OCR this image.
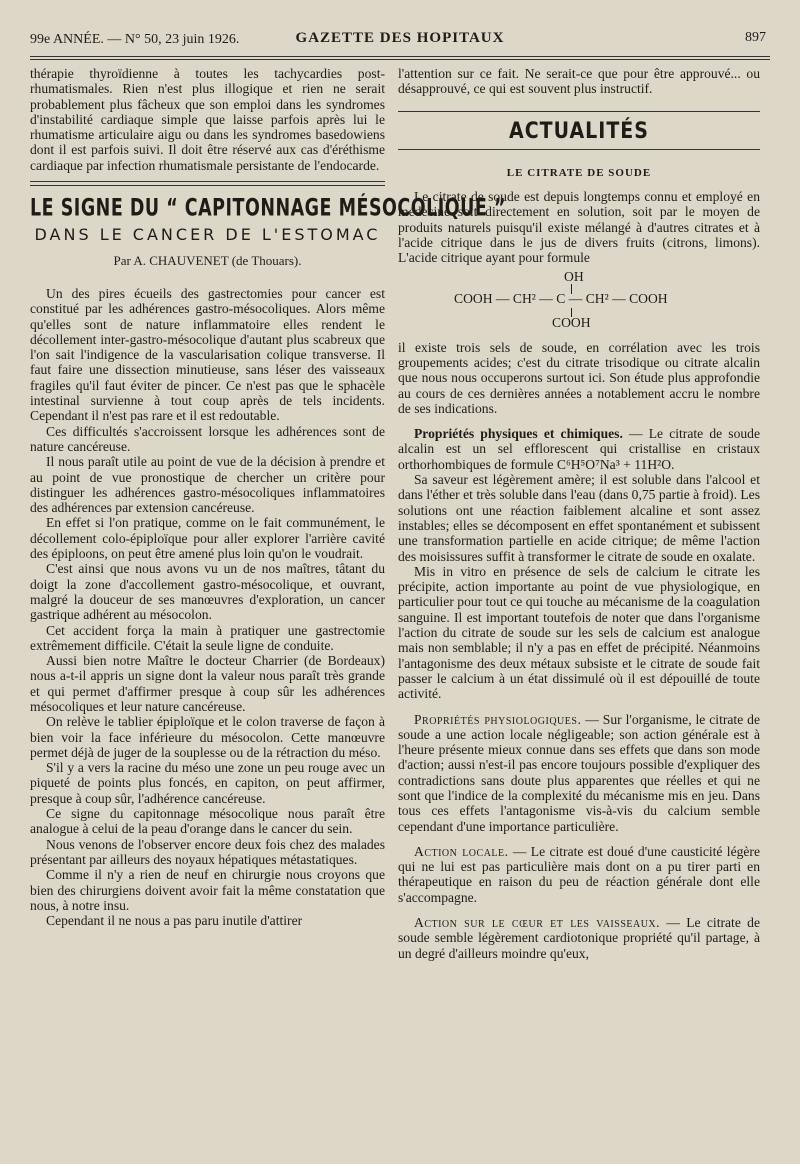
99e ANNÉE. — N° 50, 23 juin 1926.	GAZETTE DES HOPITAUX	897

thérapie thyroïdienne à toutes les tachycardies post-rhumatismales. Rien n'est plus illogique et rien ne serait probablement plus fâcheux que son emploi dans les syndromes d'instabilité cardiaque simple que laisse parfois après lui le rhumatisme articulaire aigu ou dans les syndromes basedowiens dont il est parfois suivi. Il doit être réservé aux cas d'éréthisme cardiaque par infection rhumatismale persistante de l'endocarde.

LE SIGNE DU “ CAPITONNAGE MÉSOCOLIQUE ”
DANS LE CANCER DE L'ESTOMAC
Par A. CHAUVENET (de Thouars).

Un des pires écueils des gastrectomies pour cancer est constitué par les adhérences gastro-mésocoliques. Alors même qu'elles sont de nature inflammatoire elles rendent le décollement inter-gastro-mésocolique d'autant plus scabreux que l'on sait l'indigence de la vascularisation colique transverse. Il faut faire une dissection minutieuse, sans léser des vaisseaux fragiles qu'il faut éviter de pincer. Ce n'est pas que le sphacèle intestinal survienne à tout coup après de tels incidents. Cependant il n'est pas rare et il est redoutable.

Ces difficultés s'accroissent lorsque les adhérences sont de nature cancéreuse.

Il nous paraît utile au point de vue de la décision à prendre et au point de vue pronostique de chercher un critère pour distinguer les adhérences gastro-mésocoliques inflammatoires des adhérences par extension cancéreuse.

En effet si l'on pratique, comme on le fait communément, le décollement colo-épiploïque pour aller explorer l'arrière cavité des épiploons, on peut être amené plus loin qu'on le voudrait.

C'est ainsi que nous avons vu un de nos maîtres, tâtant du doigt la zone d'accollement gastro-mésocolique, et ouvrant, malgré la douceur de ses manœuvres d'exploration, un cancer gastrique adhérent au mésocolon.

Cet accident força la main à pratiquer une gastrectomie extrêmement difficile. C'était la seule ligne de conduite.

Aussi bien notre Maître le docteur Charrier (de Bordeaux) nous a-t-il appris un signe dont la valeur nous paraît très grande et qui permet d'affirmer presque à coup sûr les adhérences mésocoliques et leur nature cancéreuse.

On relève le tablier épiploïque et le colon traverse de façon à bien voir la face inférieure du mésocolon. Cette manœuvre permet déjà de juger de la souplesse ou de la rétraction du méso.

S'il y a vers la racine du méso une zone un peu rouge avec un piqueté de points plus foncés, en capiton, on peut affirmer, presque à coup sûr, l'adhérence cancéreuse.

Ce signe du capitonnage mésocolique nous paraît être analogue à celui de la peau d'orange dans le cancer du sein.

Nous venons de l'observer encore deux fois chez des malades présentant par ailleurs des noyaux hépatiques métastatiques.

Comme il n'y a rien de neuf en chirurgie nous croyons que bien des chirurgiens doivent avoir fait la même constatation que nous, à notre insu.

Cependant il ne nous a pas paru inutile d'attirer

l'attention sur ce fait. Ne serait-ce que pour être approuvé... ou désapprouvé, ce qui est souvent plus instructif.

ACTUALITÉS
LE CITRATE DE SOUDE

Le citrate de soude est depuis longtemps connu et employé en médecine soit directement en solution, soit par le moyen de produits naturels puisqu'il existe mélangé à d'autres citrates et à l'acide citrique dans le jus de divers fruits (citrons, limons). L'acide citrique ayant pour formule

OH
COOH — CH² — C — CH² — COOH
COOH

il existe trois sels de soude, en corrélation avec les trois groupements acides; c'est du citrate trisodique ou citrate alcalin que nous nous occuperons surtout ici. Son étude plus approfondie au cours de ces dernières années a notablement accru le nombre de ses indications.

Propriétés physiques et chimiques. — Le citrate de soude alcalin est un sel efflorescent qui cristallise en cristaux orthorhombiques de formule C⁶H⁵O⁷Na³ + 11H²O.

Sa saveur est légèrement amère; il est soluble dans l'alcool et dans l'éther et très soluble dans l'eau (dans 0,75 partie à froid). Les solutions ont une réaction faiblement alcaline et sont assez instables; elles se décomposent en effet spontanément et subissent une transformation partielle en acide citrique; de même l'action des moisissures suffit à transformer le citrate de soude en oxalate.

Mis in vitro en présence de sels de calcium le citrate les précipite, action importante au point de vue physiologique, en particulier pour tout ce qui touche au mécanisme de la coagulation sanguine. Il est important toutefois de noter que dans l'organisme l'action du citrate de soude sur les sels de calcium est analogue mais non semblable; il n'y a pas en effet de précipité. Néanmoins l'antagonisme des deux métaux subsiste et le citrate de soude fait passer le calcium à un état dissimulé où il est dépouillé de toute activité.

Propriétés physiologiques. — Sur l'organisme, le citrate de soude a une action locale négligeable; son action générale est à l'heure présente mieux connue dans ses effets que dans son mode d'action; aussi n'est-il pas encore toujours possible d'expliquer des contradictions sans doute plus apparentes que réelles et qui ne sont que l'indice de la complexité du mécanisme mis en jeu. Dans tous ces effets l'antagonisme vis-à-vis du calcium semble cependant d'une importance particulière.

Action locale. — Le citrate est doué d'une causticité légère qui ne lui est pas particulière mais dont on a pu tirer parti en thérapeutique en raison du peu de réaction générale dont elle s'accompagne.

Action sur le cœur et les vaisseaux. — Le citrate de soude semble légèrement cardiotonique propriété qu'il partage, à un degré d'ailleurs moindre qu'eux,
